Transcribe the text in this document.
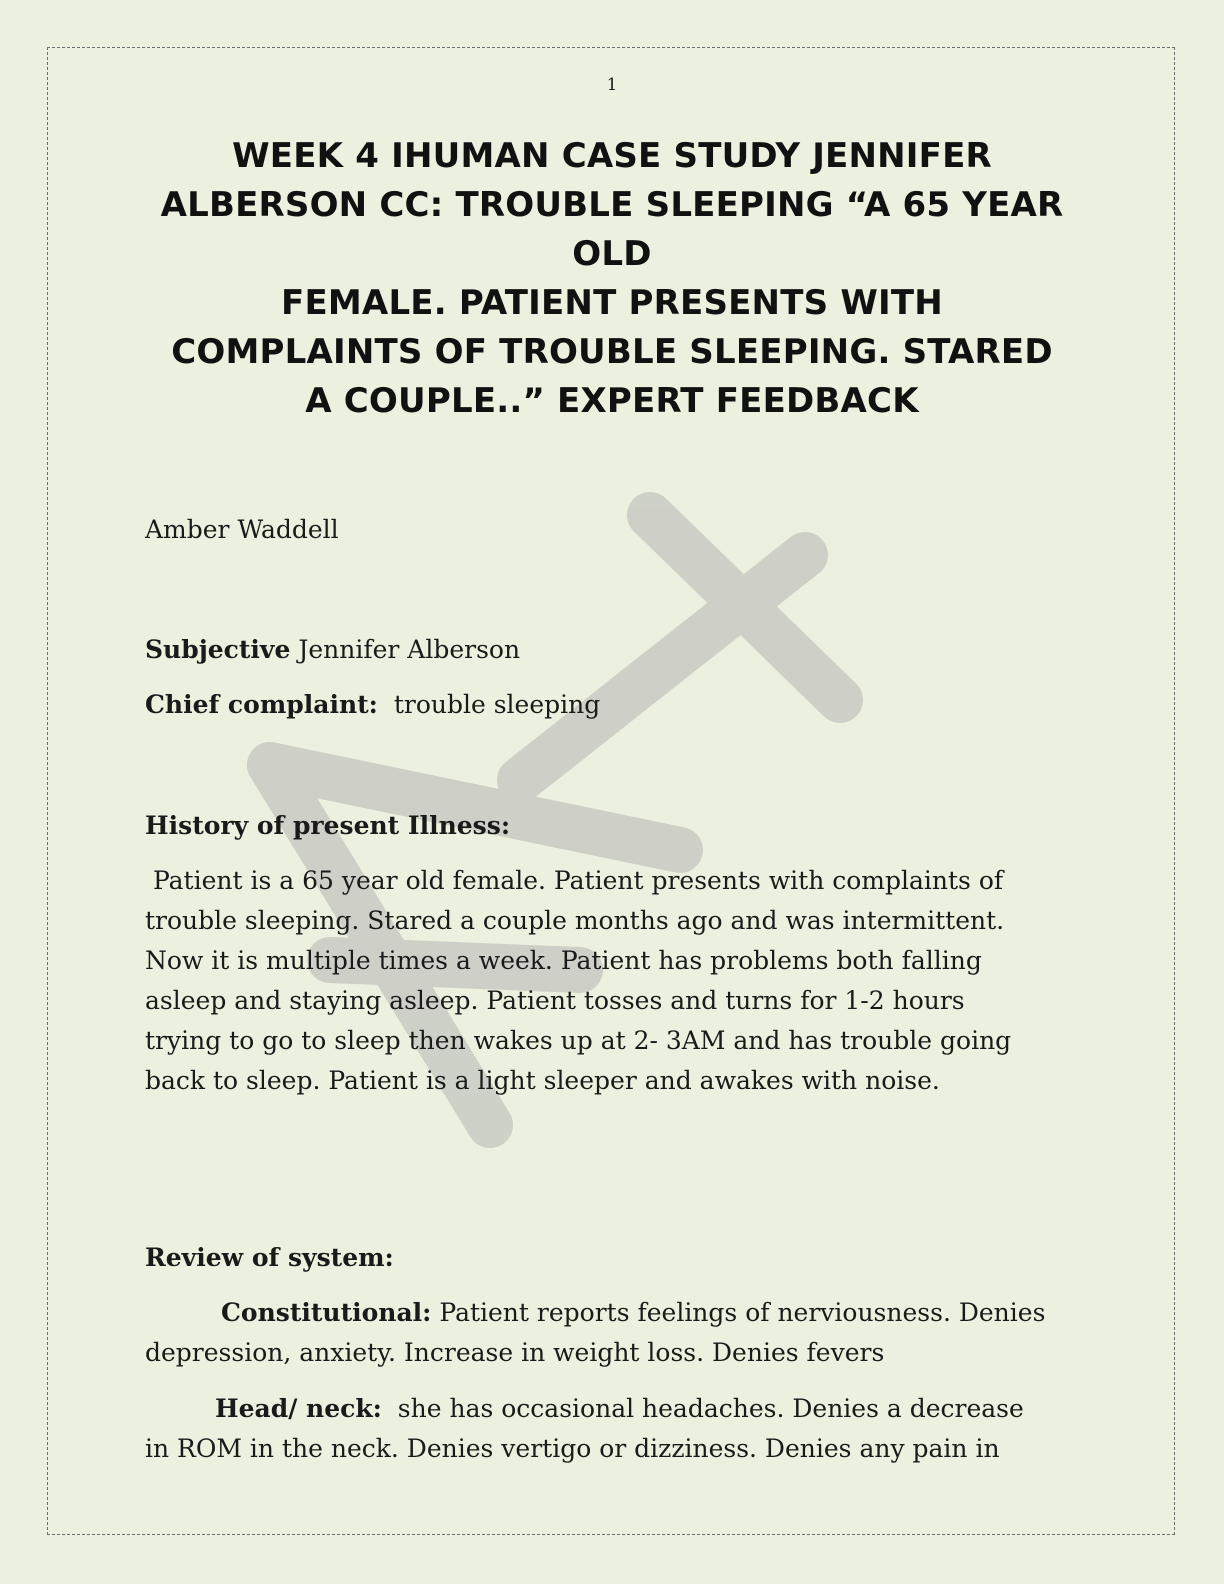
1
WEEK 4 IHUMAN CASE STUDY JENNIFER
ALBERSON CC: TROUBLE SLEEPING “A 65 YEAR
OLD
FEMALE. PATIENT PRESENTS WITH
COMPLAINTS OF TROUBLE SLEEPING. STARED
A COUPLE..” EXPERT FEEDBACK
Amber Waddell
Subjective Jennifer Alberson
Chief complaint:  trouble sleeping
History of present Illness:
Patient is a 65 year old female. Patient presents with complaints of
trouble sleeping. Stared a couple months ago and was intermittent.
Now it is multiple times a week. Patient has problems both falling
asleep and staying asleep. Patient tosses and turns for 1-2 hours
trying to go to sleep then wakes up at 2- 3AM and has trouble going
back to sleep. Patient is a light sleeper and awakes with noise.
Review of system:
Constitutional: Patient reports feelings of nerviousness. Denies
depression, anxiety. Increase in weight loss. Denies fevers
Head/ neck:  she has occasional headaches. Denies a decrease
in ROM in the neck. Denies vertigo or dizziness. Denies any pain in
